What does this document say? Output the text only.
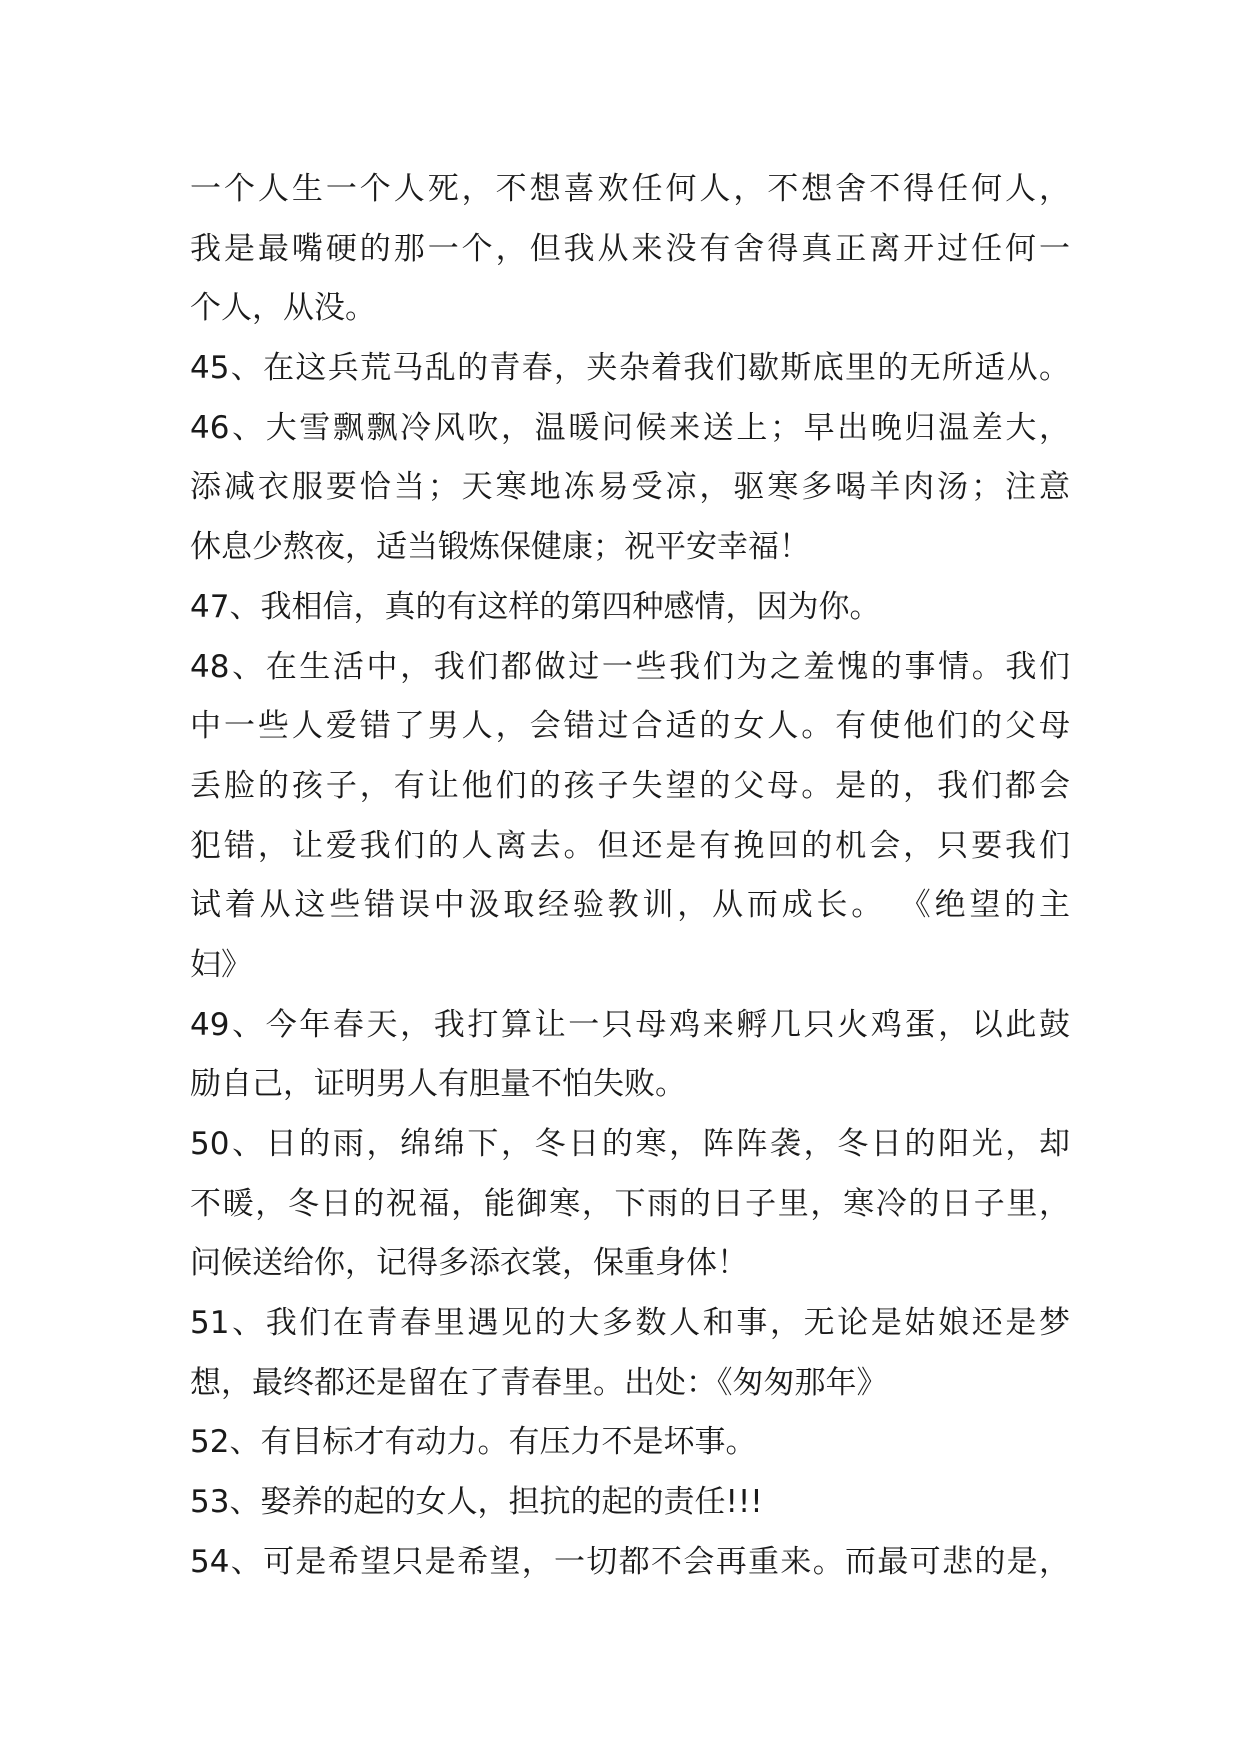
一个人生一个人死，不想喜欢任何人，不想舍不得任何人，
我是最嘴硬的那一个，但我从来没有舍得真正离开过任何一
个人，从没。
45、在这兵荒马乱的青春，夹杂着我们歇斯底里的无所适从。
46、大雪飘飘冷风吹，温暖问候来送上；早出晚归温差大，
添减衣服要恰当；天寒地冻易受凉，驱寒多喝羊肉汤；注意
休息少熬夜，适当锻炼保健康；祝平安幸福！
47、我相信，真的有这样的第四种感情，因为你。
48、在生活中，我们都做过一些我们为之羞愧的事情。我们
中一些人爱错了男人，会错过合适的女人。有使他们的父母
丢脸的孩子，有让他们的孩子失望的父母。是的，我们都会
犯错，让爱我们的人离去。但还是有挽回的机会，只要我们
试着从这些错误中汲取经验教训，从而成长。 《绝望的主
妇》
49、今年春天，我打算让一只母鸡来孵几只火鸡蛋，以此鼓
励自己，证明男人有胆量不怕失败。
50、日的雨，绵绵下，冬日的寒，阵阵袭，冬日的阳光，却
不暖，冬日的祝福，能御寒，下雨的日子里，寒冷的日子里，
问候送给你，记得多添衣裳，保重身体！
51、我们在青春里遇见的大多数人和事，无论是姑娘还是梦
想，最终都还是留在了青春里。出处：《匆匆那年》
52、有目标才有动力。有压力不是坏事。
53、娶养的起的女人，担抗的起的责任!!!
54、可是希望只是希望，一切都不会再重来。而最可悲的是，
